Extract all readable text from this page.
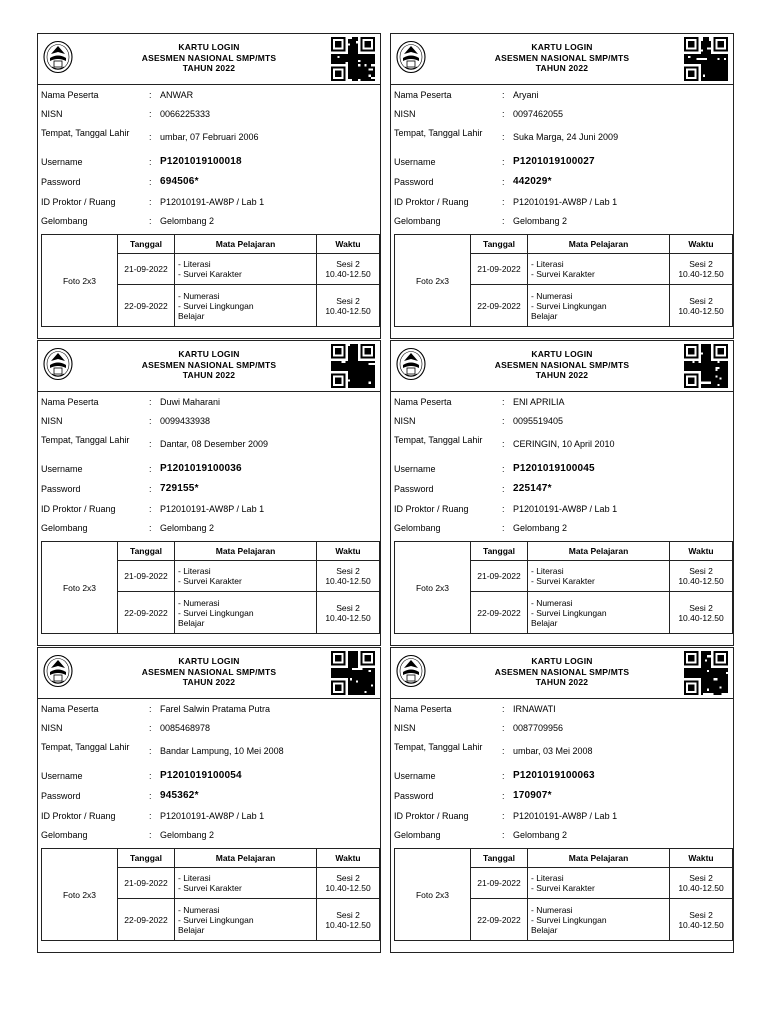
KARTU LOGIN
ASESMEN NASIONAL SMP/MTS
TAHUN 2022
Nama Peserta	: ANWAR
NISN	: 0066225333
Tempat, Tanggal Lahir	: umbar, 07 Februari 2006
Username	: P1201019100018
Password	: 694506*
ID Proktor / Ruang	: P12010191-AW8P / Lab 1
Gelombang	: Gelombang 2
Foto 2x3	Tanggal	Mata Pelajaran	Waktu
	21-09-2022	- Literasi
- Survei Karakter	Sesi 2
10.40-12.50

	22-09-2022	- Numerasi
- Survei Lingkungan
Belajar	Sesi 2
10.40-12.50
KARTU LOGIN
ASESMEN NASIONAL SMP/MTS
TAHUN 2022
Nama Peserta	: Aryani
NISN	: 0097462055
Tempat, Tanggal Lahir	: Suka Marga, 24 Juni 2009
Username	: P1201019100027
Password	: 442029*
ID Proktor / Ruang	: P12010191-AW8P / Lab 1
Gelombang	: Gelombang 2
Foto 2x3	Tanggal	Mata Pelajaran	Waktu
	21-09-2022	- Literasi
- Survei Karakter	Sesi 2
10.40-12.50

	22-09-2022	- Numerasi
- Survei Lingkungan
Belajar	Sesi 2
10.40-12.50
KARTU LOGIN
ASESMEN NASIONAL SMP/MTS
TAHUN 2022
Nama Peserta	: Duwi Maharani
NISN	: 0099433938
Tempat, Tanggal Lahir	: Dantar, 08 Desember 2009
Username	: P1201019100036
Password	: 729155*
ID Proktor / Ruang	: P12010191-AW8P / Lab 1
Gelombang	: Gelombang 2
Foto 2x3	Tanggal	Mata Pelajaran	Waktu
	21-09-2022	- Literasi
- Survei Karakter	Sesi 2
10.40-12.50

	22-09-2022	- Numerasi
- Survei Lingkungan
Belajar	Sesi 2
10.40-12.50
KARTU LOGIN
ASESMEN NASIONAL SMP/MTS
TAHUN 2022
Nama Peserta	: ENI APRILIA
NISN	: 0095519405
Tempat, Tanggal Lahir	: CERINGIN, 10 April 2010
Username	: P1201019100045
Password	: 225147*
ID Proktor / Ruang	: P12010191-AW8P / Lab 1
Gelombang	: Gelombang 2
Foto 2x3	Tanggal	Mata Pelajaran	Waktu
	21-09-2022	- Literasi
- Survei Karakter	Sesi 2
10.40-12.50

	22-09-2022	- Numerasi
- Survei Lingkungan
Belajar	Sesi 2
10.40-12.50
KARTU LOGIN
ASESMEN NASIONAL SMP/MTS
TAHUN 2022
Nama Peserta	: Farel Salwin Pratama Putra
NISN	: 0085468978
Tempat, Tanggal Lahir	: Bandar Lampung, 10 Mei 2008
Username	: P1201019100054
Password	: 945362*
ID Proktor / Ruang	: P12010191-AW8P / Lab 1
Gelombang	: Gelombang 2
Foto 2x3	Tanggal	Mata Pelajaran	Waktu
	21-09-2022	- Literasi
- Survei Karakter	Sesi 2
10.40-12.50

	22-09-2022	- Numerasi
- Survei Lingkungan
Belajar	Sesi 2
10.40-12.50
KARTU LOGIN
ASESMEN NASIONAL SMP/MTS
TAHUN 2022
Nama Peserta	: IRNAWATI
NISN	: 0087709956
Tempat, Tanggal Lahir	: umbar, 03 Mei 2008
Username	: P1201019100063
Password	: 170907*
ID Proktor / Ruang	: P12010191-AW8P / Lab 1
Gelombang	: Gelombang 2
Foto 2x3	Tanggal	Mata Pelajaran	Waktu
	21-09-2022	- Literasi
- Survei Karakter	Sesi 2
10.40-12.50

	22-09-2022	- Numerasi
- Survei Lingkungan
Belajar	Sesi 2
10.40-12.50
